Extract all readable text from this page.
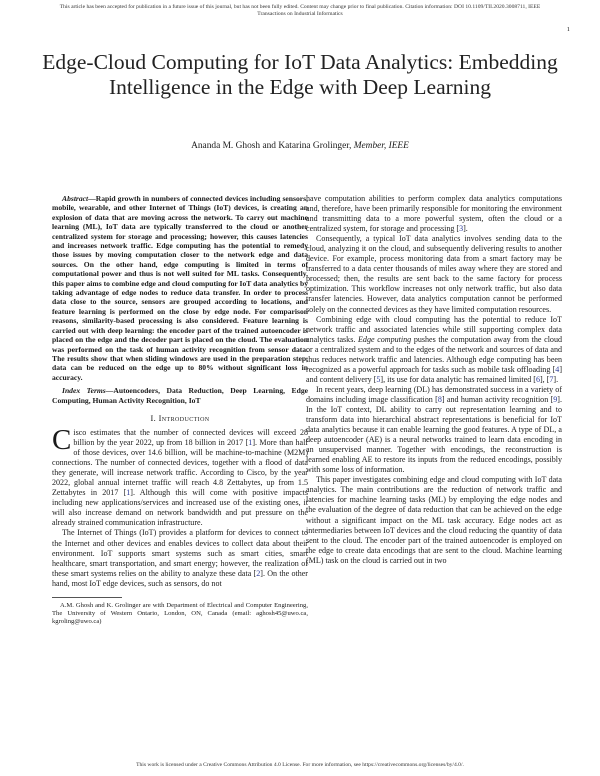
This article has been accepted for publication in a future issue of this journal, but has not been fully edited. Content may change prior to final publication. Citation information: DOI 10.1109/TII.2020.3008711, IEEE
Transactions on Industrial Informatics
1
Edge-Cloud Computing for IoT Data Analytics: Embedding Intelligence in the Edge with Deep Learning
Ananda M. Ghosh and Katarina Grolinger, Member, IEEE

Abstract—Rapid growth in numbers of connected devices including sensors, mobile, wearable, and other Internet of Things (IoT) devices, is creating an explosion of data that are moving across the network. To carry out machine learning (ML), IoT data are typically transferred to the cloud or another centralized system for storage and processing; however, this causes latencies and increases network traffic. Edge computing has the potential to remedy those issues by moving computation closer to the network edge and data sources. On the other hand, edge computing is limited in terms of computational power and thus is not well suited for ML tasks. Consequently, this paper aims to combine edge and cloud computing for IoT data analytics by taking advantage of edge nodes to reduce data transfer. In order to process data close to the source, sensors are grouped according to locations, and feature learning is performed on the close by edge node. For comparison reasons, similarity-based processing is also considered. Feature learning is carried out with deep learning: the encoder part of the trained autoencoder is placed on the edge and the decoder part is placed on the cloud. The evaluation was performed on the task of human activity recognition from sensor data. The results show that when sliding windows are used in the preparation step, data can be reduced on the edge up to 80% without significant loss in accuracy.

Index Terms—Autoencoders, Data Reduction, Deep Learning, Edge Computing, Human Activity Recognition, IoT

I. Introduction

Cisco estimates that the number of connected devices will exceed 28 billion by the year 2022, up from 18 billion in 2017 [1]. More than half of those devices, over 14.6 billion, will be machine-to-machine (M2M) connections. The number of connected devices, together with a flood of data they generate, will increase network traffic. According to Cisco, by the year 2022, global annual internet traffic will reach 4.8 Zettabytes, up from 1.5 Zettabytes in 2017 [1]. Although this will come with positive impacts including new applications/services and increased use of the existing ones, it will also increase demand on network bandwidth and put pressure on the already strained communication infrastructure.

The Internet of Things (IoT) provides a platform for devices to connect to the Internet and other devices and enables devices to collect data about their environment. IoT supports smart systems such as smart cities, smart healthcare, smart transportation, and smart energy; however, the realization of these smart systems relies on the ability to analyze these data [2]. On the other hand, most IoT edge devices, such as sensors, do not

A.M. Ghosh and K. Grolinger are with Department of Electrical and Computer Engineering, The University of Western Ontario, London, ON, Canada (email: aghosh45@uwo.ca, kgroling@uwo.ca)

have computation abilities to perform complex data analytics computations and, therefore, have been primarily responsible for monitoring the environment and transmitting data to a more powerful system, often the cloud or a centralized system, for storage and processing [3].

Consequently, a typical IoT data analytics involves sending data to the cloud, analyzing it on the cloud, and subsequently delivering results to another device. For example, process monitoring data from a smart factory may be transferred to a data center thousands of miles away where they are stored and processed; then, the results are sent back to the same factory for process optimization. This workflow increases not only network traffic, but also data transfer latencies. However, data analytics computation cannot be performed solely on the connected devices as they have limited computation resources.

Combining edge with cloud computing has the potential to reduce IoT network traffic and associated latencies while still supporting complex data analytics tasks. Edge computing pushes the computation away from the cloud or a centralized system and to the edges of the network and sources of data and thus reduces network traffic and latencies. Although edge computing has been recognized as a powerful approach for tasks such as mobile task offloading [4] and content delivery [5], its use for data analytic has remained limited [6], [7].

In recent years, deep learning (DL) has demonstrated success in a variety of domains including image classification [8] and human activity recognition [9]. In the IoT context, DL ability to carry out representation learning and to transform data into hierarchical abstract representations is beneficial for IoT data analytics because it can enable learning the good features. A type of DL, a deep autoencoder (AE) is a neural networks trained to learn data encoding in an unsupervised manner. Together with encodings, the reconstruction is learned enabling AE to restore its inputs from the reduced encodings, possibly with some loss of information.

This paper investigates combining edge and cloud computing with IoT data analytics. The main contributions are the reduction of network traffic and latencies for machine learning tasks (ML) by employing the edge nodes and the evaluation of the degree of data reduction that can be achieved on the edge without a significant impact on the ML task accuracy. Edge nodes act as intermediaries between IoT devices and the cloud reducing the quantity of data sent to the cloud. The encoder part of the trained autoencoder is employed on the edge to create data encodings that are sent to the cloud. Machine learning (ML) task on the cloud is carried out in two

This work is licensed under a Creative Commons Attribution 4.0 License. For more information, see https://creativecommons.org/licenses/by/4.0/.
